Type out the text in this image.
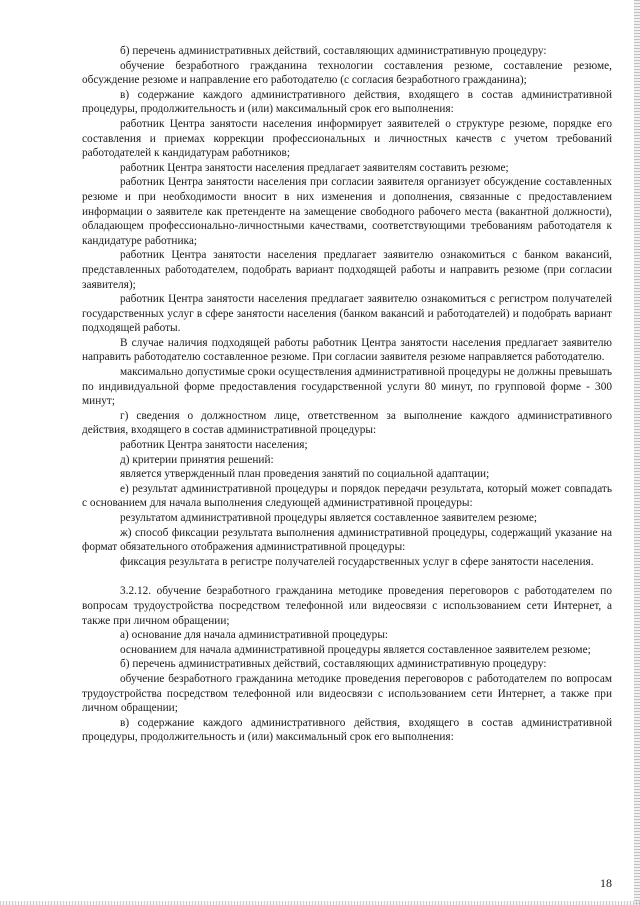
б) перечень административных действий, составляющих административную процедуру:

обучение безработного гражданина технологии составления резюме, составление резюме, обсуждение резюме и направление его работодателю (с согласия безработного гражданина);

в) содержание каждого административного действия, входящего в состав административной процедуры, продолжительность и (или) максимальный срок его выполнения:

работник Центра занятости населения информирует заявителей о структуре резюме, порядке его составления и приемах коррекции профессиональных и личностных качеств с учетом требований работодателей к кандидатурам работников;

работник Центра занятости населения предлагает заявителям составить резюме;

работник Центра занятости населения при согласии заявителя организует обсуждение составленных резюме и при необходимости вносит в них изменения и дополнения, связанные с предоставлением информации о заявителе как претенденте на замещение свободного рабочего места (вакантной должности), обладающем профессионально-личностными качествами, соответствующими требованиям работодателя к кандидатуре работника;

работник Центра занятости населения предлагает заявителю ознакомиться с банком вакансий, представленных работодателем, подобрать вариант подходящей работы и направить резюме (при согласии заявителя);

работник Центра занятости населения предлагает заявителю ознакомиться с регистром получателей государственных услуг в сфере занятости населения (банком вакансий и работодателей) и подобрать вариант подходящей работы.

В случае наличия подходящей работы работник Центра занятости населения предлагает заявителю направить работодателю составленное резюме. При согласии заявителя резюме направляется работодателю.

максимально допустимые сроки осуществления административной процедуры не должны превышать по индивидуальной форме предоставления государственной услуги 80 минут, по групповой форме - 300 минут;

г) сведения о должностном лице, ответственном за выполнение каждого административного действия, входящего в состав административной процедуры:

работник Центра занятости населения;

д) критерии принятия решений:

является утвержденный план проведения занятий по социальной адаптации;

е) результат административной процедуры и порядок передачи результата, который может совпадать с основанием для начала выполнения следующей административной процедуры:

результатом административной процедуры является составленное заявителем резюме;

ж) способ фиксации результата выполнения административной процедуры, содержащий указание на формат обязательного отображения административной процедуры:

фиксация результата в регистре получателей государственных услуг в сфере занятости населения.

3.2.12. обучение безработного гражданина методике проведения переговоров с работодателем по вопросам трудоустройства посредством телефонной или видеосвязи с использованием сети Интернет, а также при личном обращении;

а) основание для начала административной процедуры:

основанием для начала административной процедуры является составленное заявителем резюме;

б) перечень административных действий, составляющих административную процедуру:

обучение безработного гражданина методике проведения переговоров с работодателем по вопросам трудоустройства посредством телефонной или видеосвязи с использованием сети Интернет, а также при личном обращении;

в) содержание каждого административного действия, входящего в состав административной процедуры, продолжительность и (или) максимальный срок его выполнения:

18
